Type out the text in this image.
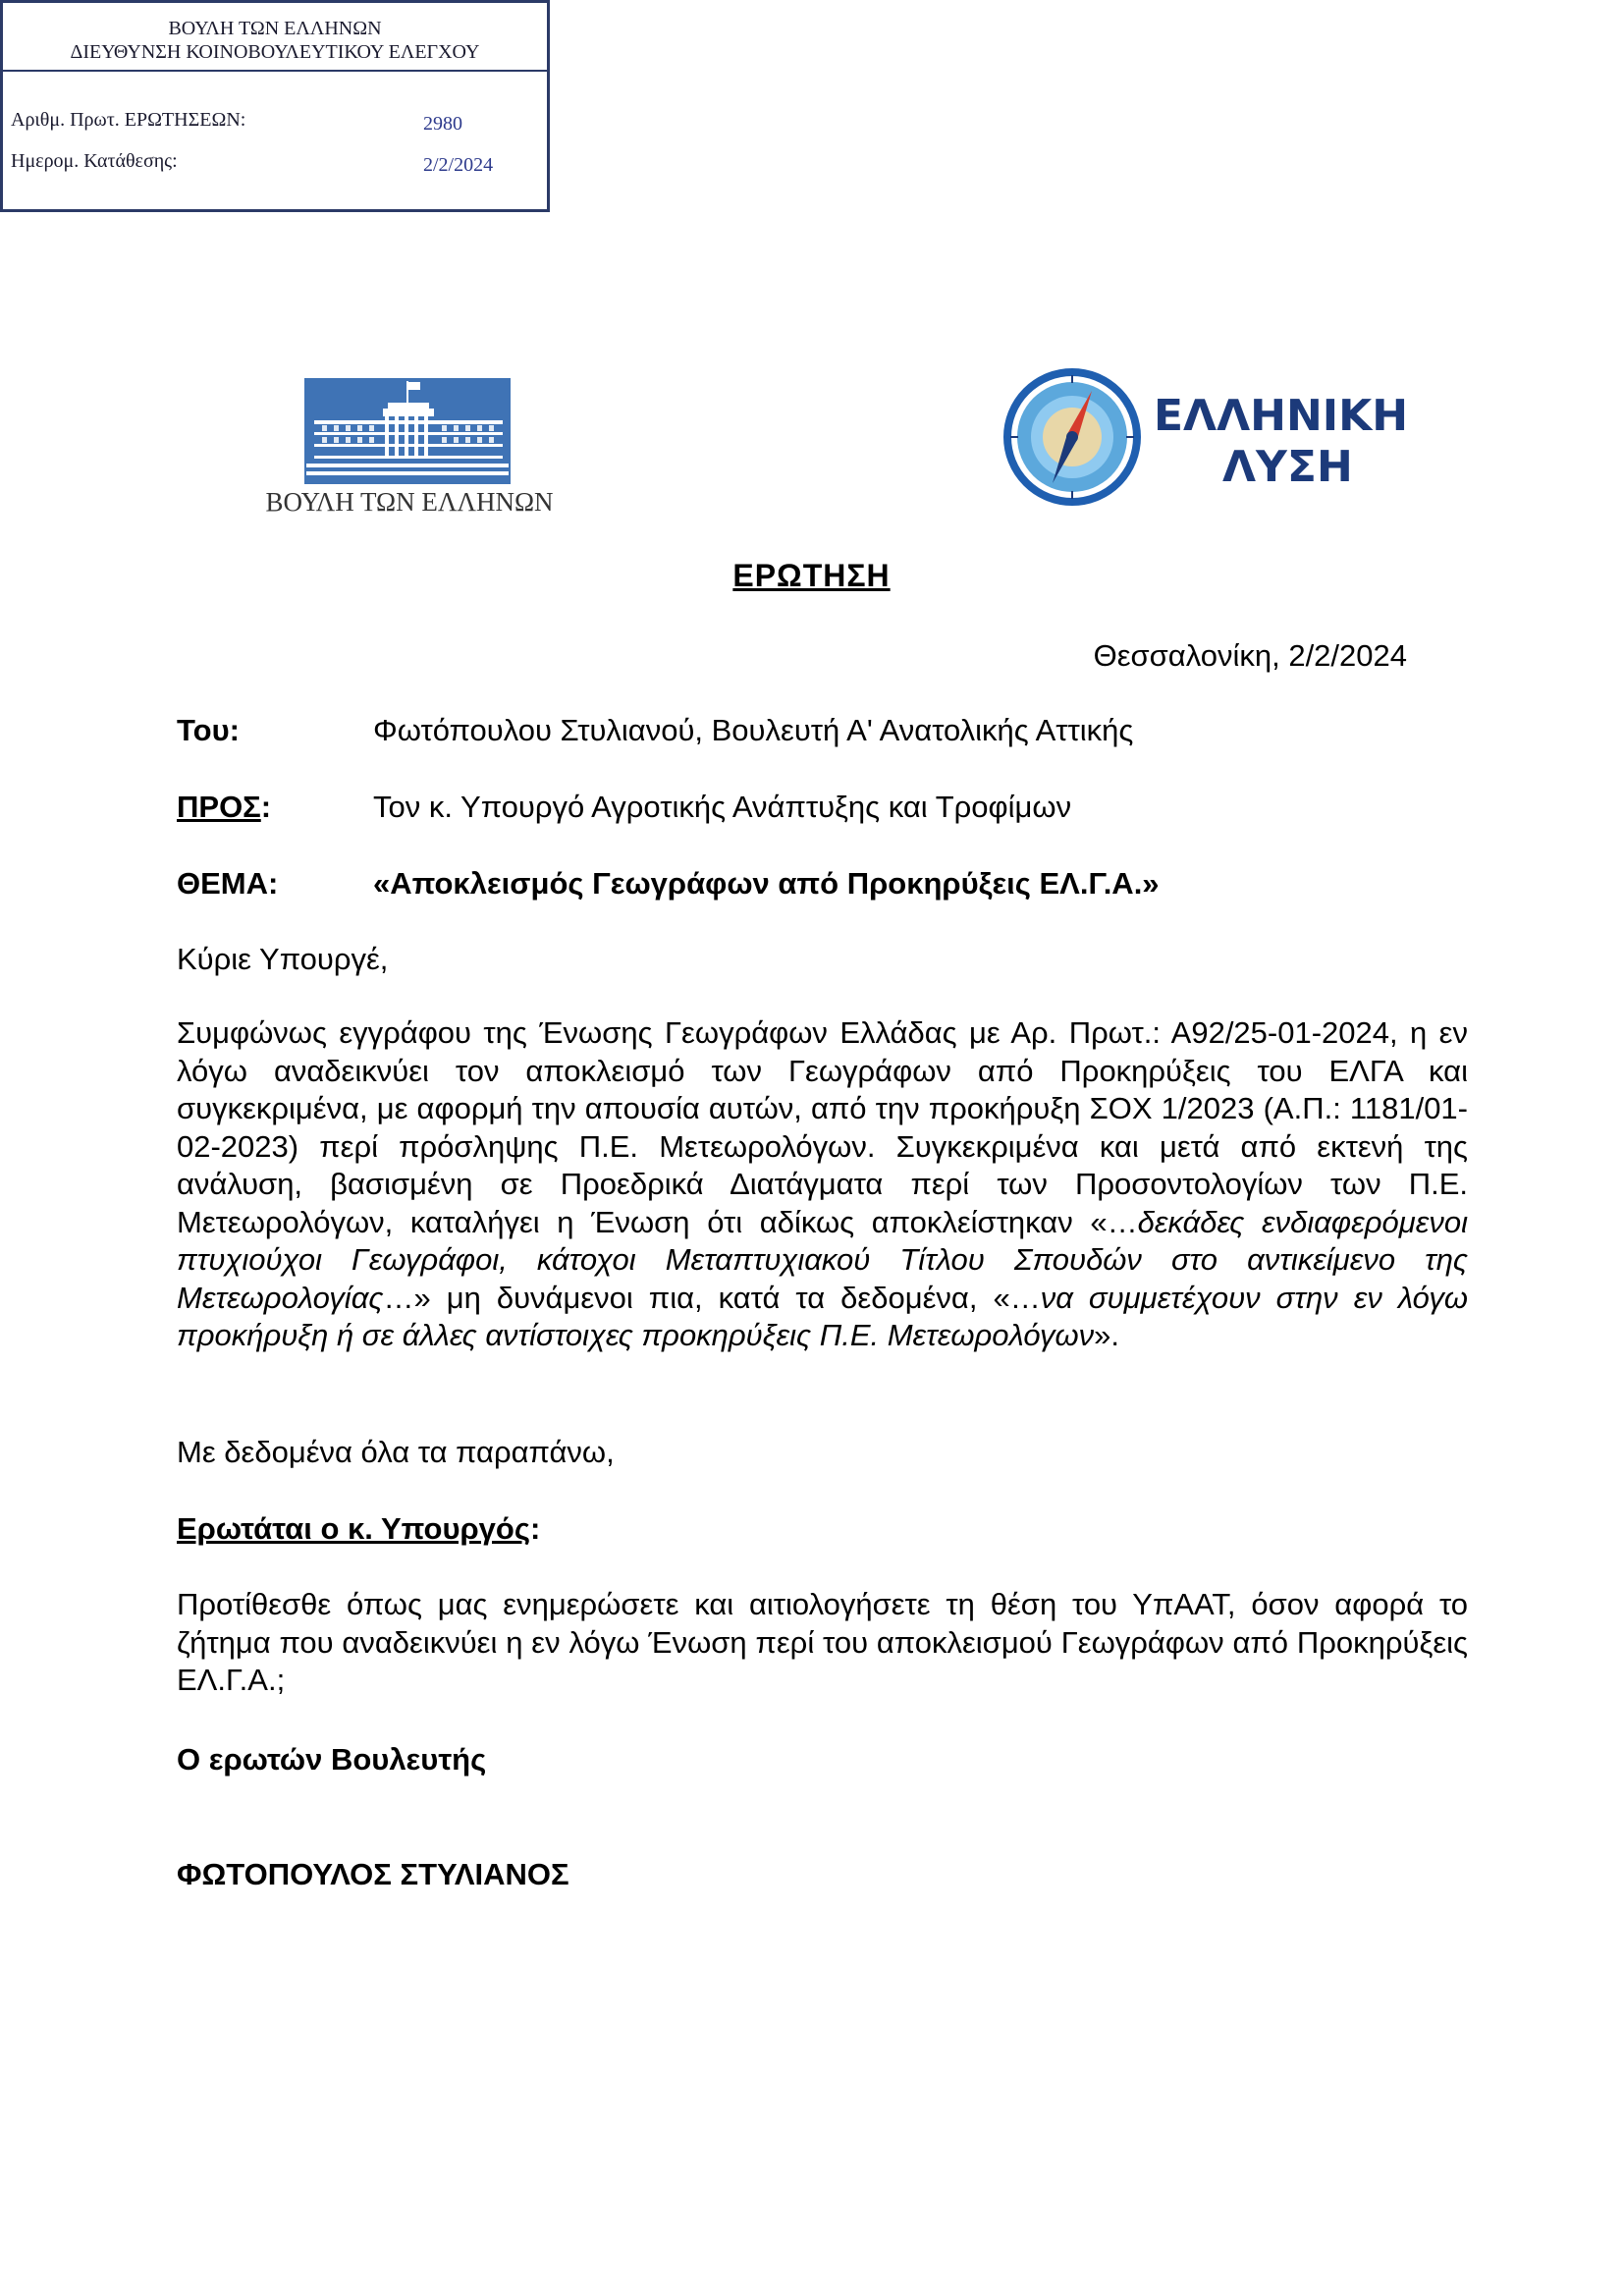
ΒΟΥΛΗ ΤΩΝ ΕΛΛΗΝΩΝ
ΔΙΕΥΘΥΝΣΗ ΚΟΙΝΟΒΟΥΛΕΥΤΙΚΟΥ ΕΛΕΓΧΟΥ
Αριθμ. Πρωτ. ΕΡΩΤΗΣΕΩΝ:	2980
Ημερομ. Κατάθεσης:	2/2/2024
ΒΟΥΛΗ ΤΩΝ ΕΛΛΗΝΩΝ
ΕΛΛΗΝΙΚΗ
ΛΥΣΗ
ΕΡΩΤΗΣΗ
Θεσσαλονίκη, 2/2/2024
Του:	Φωτόπουλου Στυλιανού, Βουλευτή Α' Ανατολικής Αττικής
ΠΡΟΣ:	Τον κ. Υπουργό Αγροτικής Ανάπτυξης και Τροφίμων
ΘΕΜΑ:	«Αποκλεισμός Γεωγράφων από Προκηρύξεις ΕΛ.Γ.Α.»
Κύριε Υπουργέ,
Συμφώνως εγγράφου της Ένωσης Γεωγράφων Ελλάδας με Αρ. Πρωτ.: Α92/25-01-2024, η εν λόγω αναδεικνύει τον αποκλεισμό των Γεωγράφων από Προκηρύξεις του ΕΛΓΑ και συγκεκριμένα, με αφορμή την απουσία αυτών, από την προκήρυξη ΣΟΧ 1/2023 (Α.Π.: 1181/01-02-2023) περί πρόσληψης Π.Ε. Μετεωρολόγων. Συγκεκριμένα και μετά από εκτενή της ανάλυση, βασισμένη σε Προεδρικά Διατάγματα περί των Προσοντολογίων των Π.Ε. Μετεωρολόγων, καταλήγει η Ένωση ότι αδίκως αποκλείστηκαν «…δεκάδες ενδιαφερόμενοι πτυχιούχοι Γεωγράφοι, κάτοχοι Μεταπτυχιακού Τίτλου Σπουδών στο αντικείμενο της Μετεωρολογίας…» μη δυνάμενοι πια, κατά τα δεδομένα, «…να συμμετέχουν στην εν λόγω προκήρυξη ή σε άλλες αντίστοιχες προκηρύξεις Π.Ε. Μετεωρολόγων».
Με δεδομένα όλα τα παραπάνω,
Ερωτάται ο κ. Υπουργός:
Προτίθεσθε όπως μας ενημερώσετε και αιτιολογήσετε τη θέση του ΥπΑΑΤ, όσον αφορά το ζήτημα που αναδεικνύει η εν λόγω Ένωση περί του αποκλεισμού Γεωγράφων από Προκηρύξεις ΕΛ.Γ.Α.;
Ο ερωτών Βουλευτής
ΦΩΤΟΠΟΥΛΟΣ ΣΤΥΛΙΑΝΟΣ
